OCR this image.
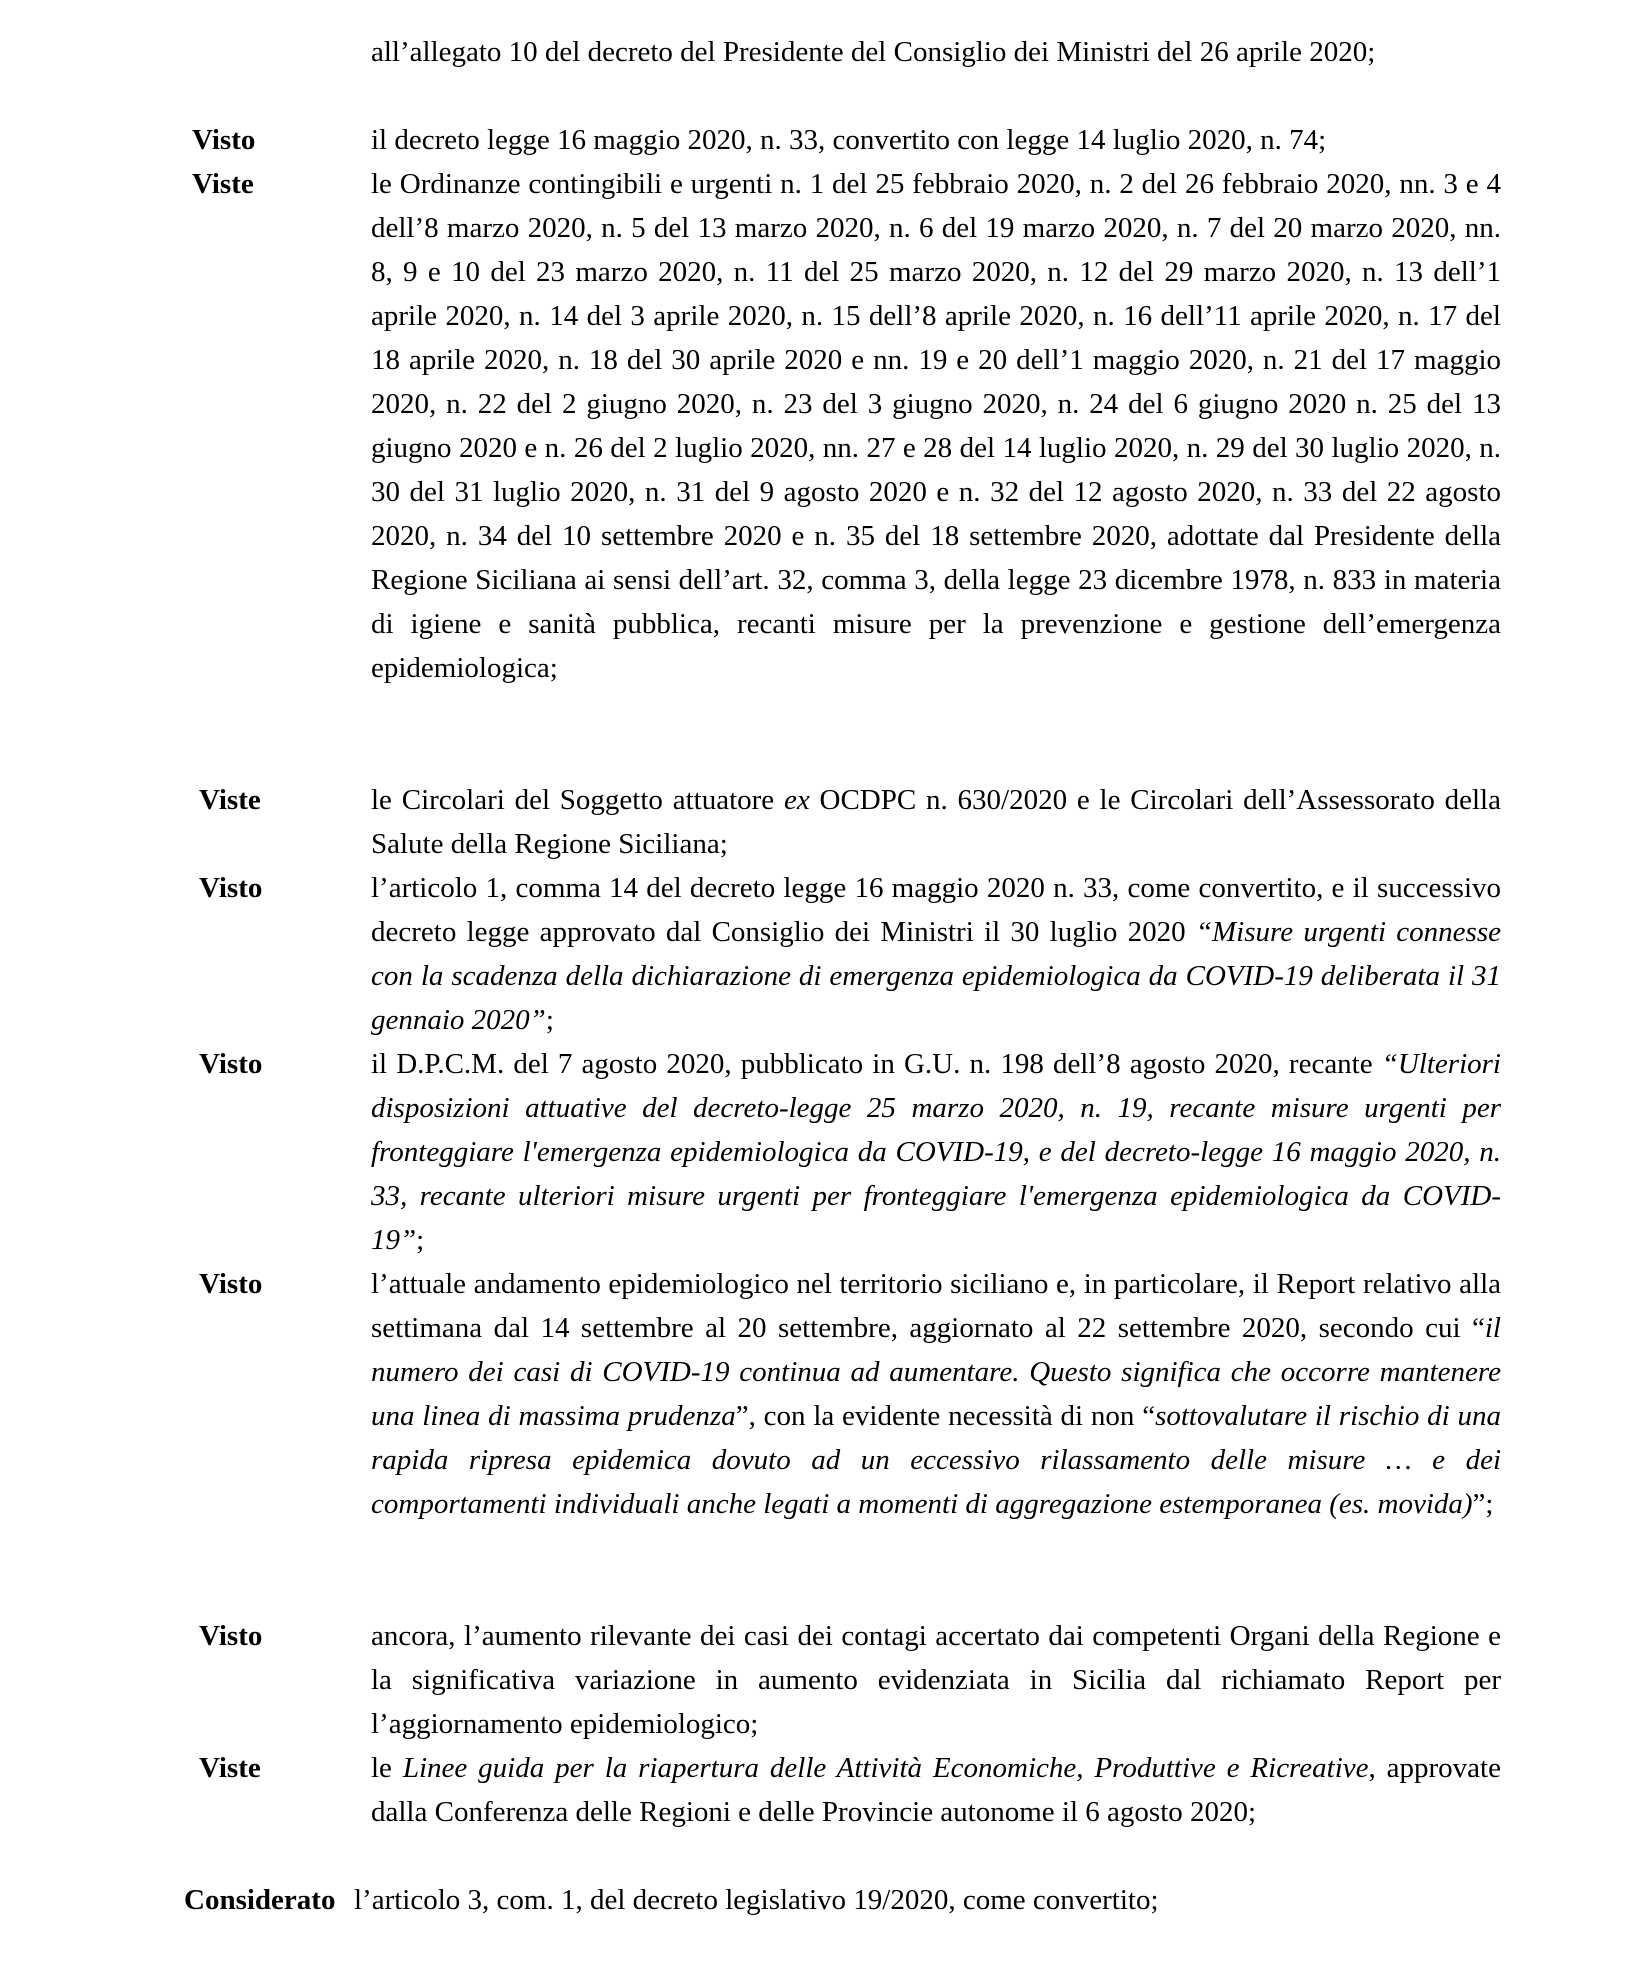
all’allegato 10 del decreto del Presidente del Consiglio dei Ministri del 26 aprile 2020;
Visto	il decreto legge 16 maggio 2020, n. 33, convertito con legge 14 luglio 2020, n. 74;
Viste	le Ordinanze contingibili e urgenti n. 1 del 25 febbraio 2020, n. 2 del 26 febbraio 2020, nn. 3 e 4 dell’8 marzo 2020, n. 5 del 13 marzo 2020, n. 6 del 19 marzo 2020, n. 7 del 20 marzo 2020, nn. 8, 9 e 10 del 23 marzo 2020, n. 11 del 25 marzo 2020, n. 12 del 29 marzo 2020, n. 13 dell’1 aprile 2020, n. 14 del 3 aprile 2020, n. 15 dell’8 aprile 2020, n. 16 dell’11 aprile 2020, n. 17 del 18 aprile 2020, n. 18 del 30 aprile 2020 e nn. 19 e 20 dell’1 maggio 2020, n. 21 del 17 maggio 2020, n. 22 del 2 giugno 2020, n. 23 del 3 giugno 2020, n. 24 del 6 giugno 2020 n. 25 del 13 giugno 2020 e n. 26 del 2 luglio 2020, nn. 27 e 28 del 14 luglio 2020, n. 29 del 30 luglio 2020, n. 30 del 31 luglio 2020, n. 31 del 9 agosto 2020 e n. 32 del 12 agosto 2020, n. 33 del 22 agosto 2020, n. 34 del 10 settembre 2020 e n. 35 del 18 settembre 2020, adottate dal Presidente della Regione Siciliana ai sensi dell’art. 32, comma 3, della legge 23 dicembre 1978, n. 833 in materia di igiene e sanità pubblica, recanti misure per la prevenzione e gestione dell’emergenza epidemiologica;
Viste	le Circolari del Soggetto attuatore ex OCDPC n. 630/2020 e le Circolari dell’Assessorato della Salute della Regione Siciliana;
Visto	l’articolo 1, comma 14 del decreto legge 16 maggio 2020 n. 33, come convertito, e il successivo decreto legge approvato dal Consiglio dei Ministri il 30 luglio 2020 “Misure urgenti connesse con la scadenza della dichiarazione di emergenza epidemiologica da COVID-19 deliberata il 31 gennaio 2020”;
Visto	il D.P.C.M. del 7 agosto 2020, pubblicato in G.U. n. 198 dell’8 agosto 2020, recante “Ulteriori disposizioni attuative del decreto-legge 25 marzo 2020, n. 19, recante misure urgenti per fronteggiare l'emergenza epidemiologica da COVID-19, e del decreto-legge 16 maggio 2020, n. 33, recante ulteriori misure urgenti per fronteggiare l'emergenza epidemiologica da COVID-19”;
Visto	l’attuale andamento epidemiologico nel territorio siciliano e, in particolare, il Report relativo alla settimana dal 14 settembre al 20 settembre, aggiornato al 22 settembre 2020, secondo cui “il numero dei casi di COVID-19 continua ad aumentare. Questo significa che occorre mantenere una linea di massima prudenza”, con la evidente necessità di non “sottovalutare il rischio di una rapida ripresa epidemica dovuto ad un eccessivo rilassamento delle misure … e dei comportamenti individuali anche legati a momenti di aggregazione estemporanea (es. movida)”;
Visto	ancora, l’aumento rilevante dei casi dei contagi accertato dai competenti Organi della Regione e la significativa variazione in aumento evidenziata in Sicilia dal richiamato Report per l’aggiornamento epidemiologico;
Viste	le Linee guida per la riapertura delle Attività Economiche, Produttive e Ricreative, approvate dalla Conferenza delle Regioni e delle Provincie autonome il 6 agosto 2020;
Considerato l’articolo 3, com. 1, del decreto legislativo 19/2020, come convertito;
